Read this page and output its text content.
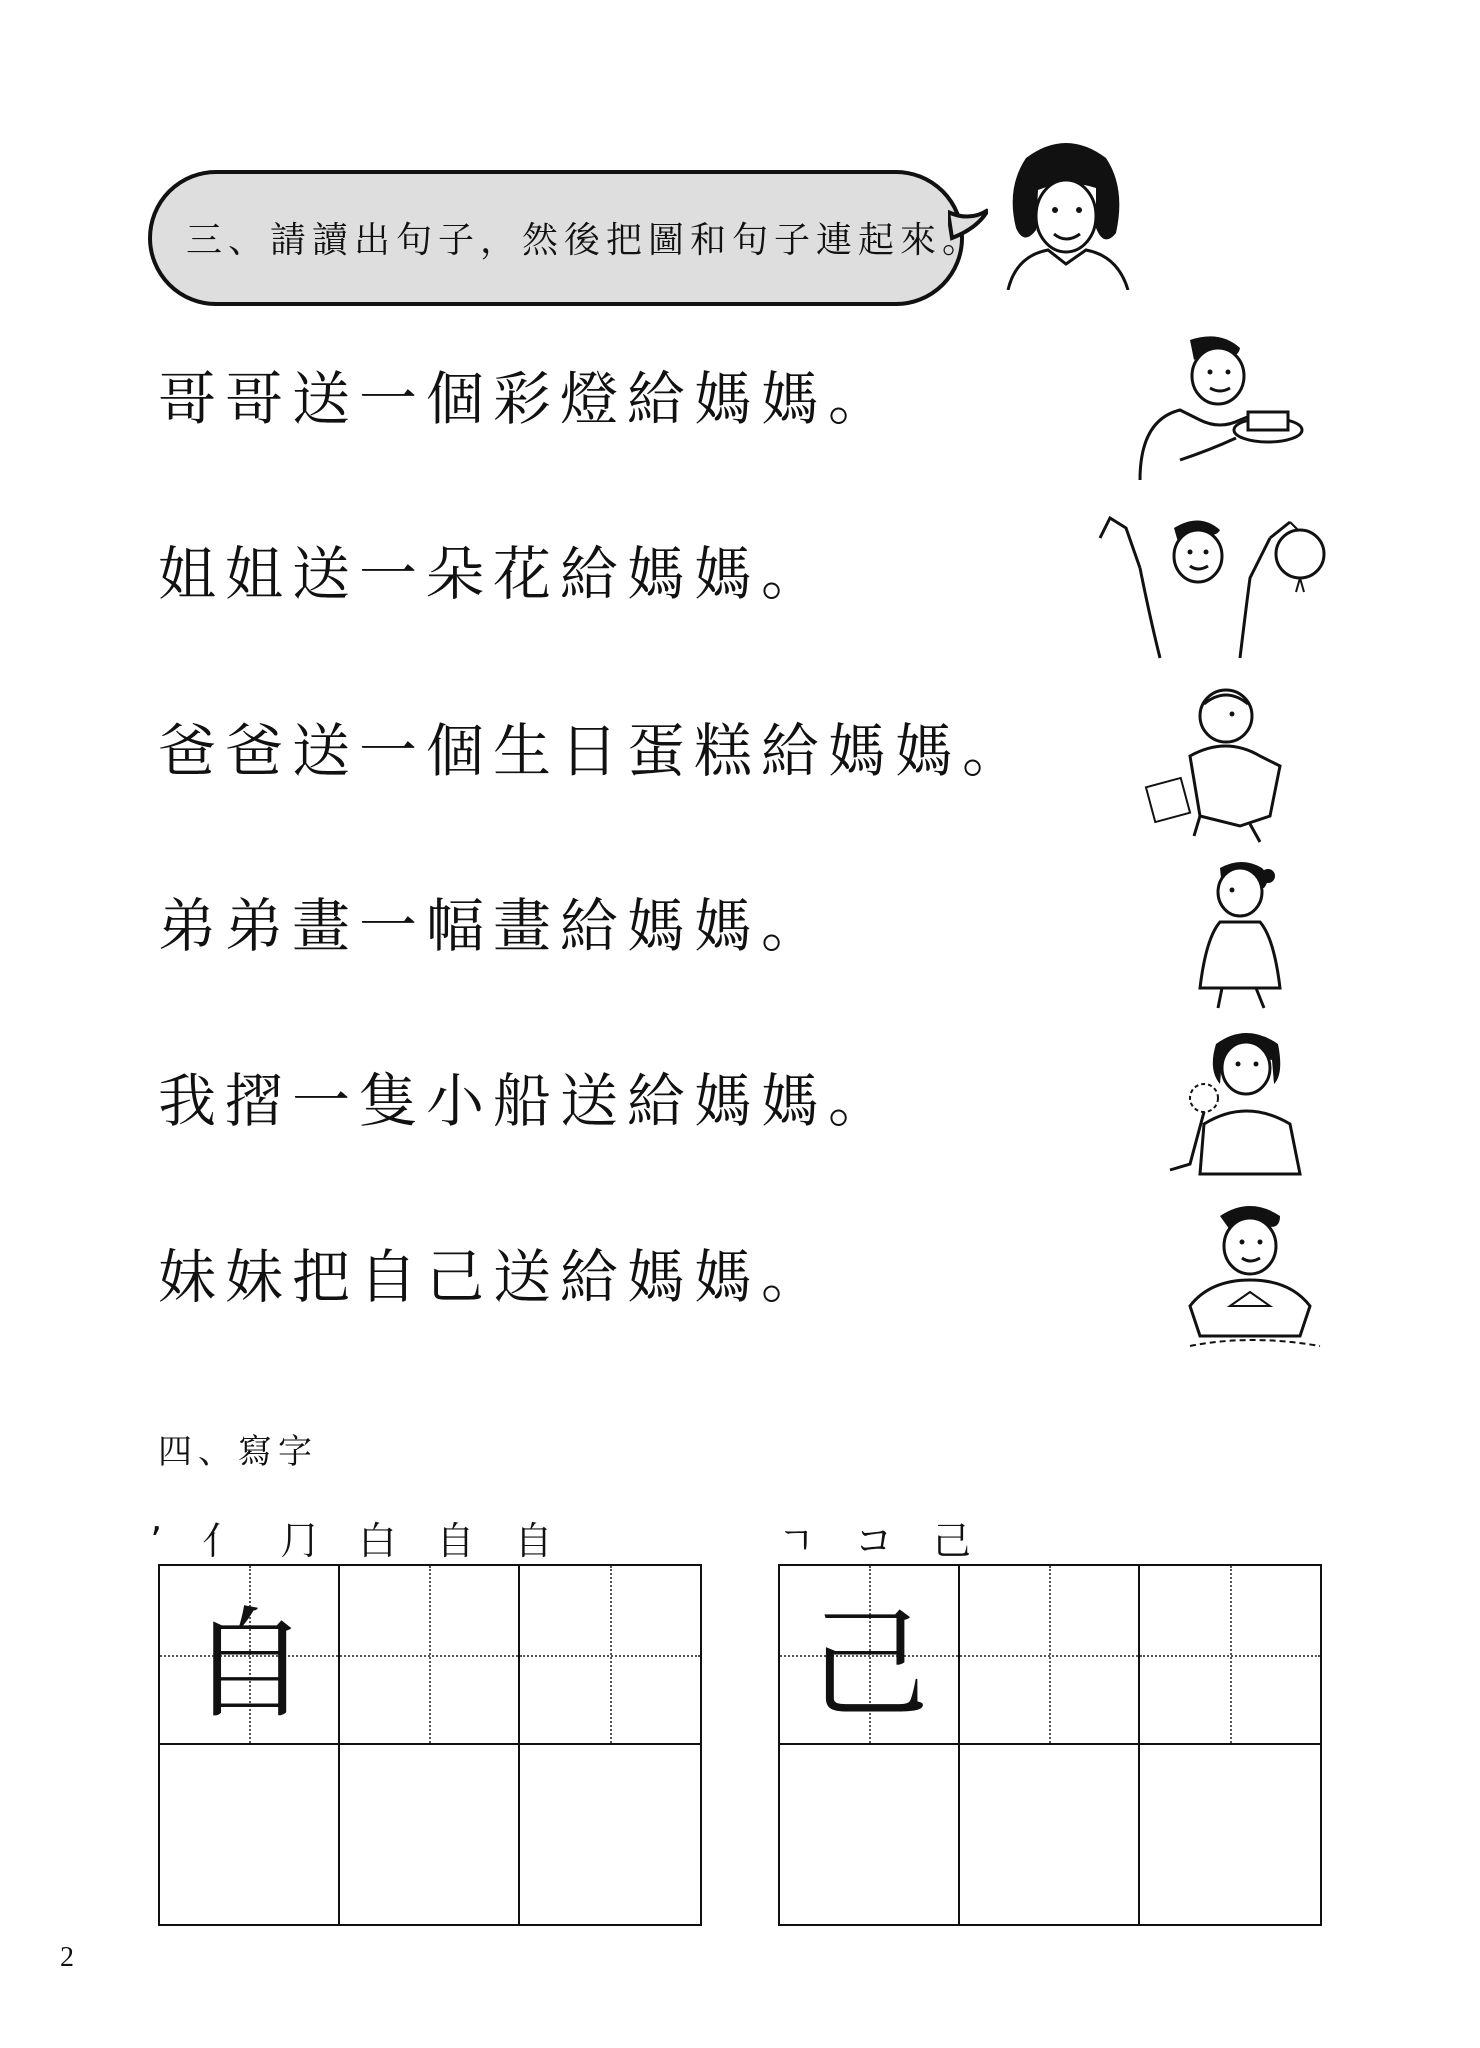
三、請讀出句子，然後把圖和句子連起來。
哥哥送一個彩燈給媽媽。
姐姐送一朵花給媽媽。
爸爸送一個生日蛋糕給媽媽。
弟弟畫一幅畫給媽媽。
我摺一隻小船送給媽媽。
妹妹把自己送給媽媽。
四、寫字
ʼ 亻 ⺆ 白 自 自	ㄱ コ 己
自	己
2
